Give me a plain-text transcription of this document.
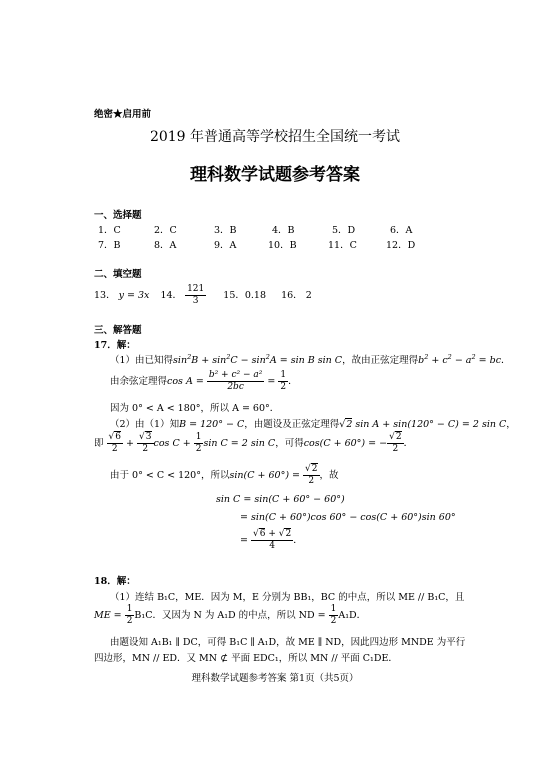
绝密★启用前
2019 年普通高等学校招生全国统一考试
理科数学试题参考答案
一、选择题
1．C	2．C	3．B	4．B	5．D	6．A
7．B	8．A	9．A	10．B	11．C	12．D
二、填空题
13． y = 3x 14． $\frac{121}{3} 15$．0.18 16． 2
三、解答题
17．解：
（1）由已知得$\sin^2B + \sin^2C - \sin^2A = \sin B$ sin C，故由正弦定理得$b^2 + c^2 - a^2$ = bc．
由余弦定理得$\cos A = \frac{\text{b² + c² − a²}}{2bc} = \frac{1}{2}$ ．
因为 0° < A < 180°，所以 A = 60°．
（2）由（1）知B = 120° − C，由题设及正弦定理得√2 sin A + sin(120° − C) = 2 sin C，
即 $\frac{√6}{2} + \frac{√3}{2}$ $\cos C + \frac{1}{2}$ sin C = 2 sin C，可得cos(C + 60°) = − $\frac{√2}{2}$ ．
由于 0° < C < 120°，所以$\sin(C + 60^\circ) = \frac{√2}{2}$ ，故
sin C = sin(C + 60° − 60°)
= sin(C + 60°)cos 60° − cos(C + 60°)sin 60°
= $\frac{√6 + √2}{4}$ ．
18．解：
（1）连结 B₁C，ME．因为 M，E 分别为 BB₁，BC 的中点，所以 ME // B₁C，且
ME = $\frac{1}{2} B_1C$．又因为 N 为 A₁D 的中点，所以 ND = $\frac{1}{2} A_1D$．
由题设知 A₁B₁ ∥ DC，可得 B₁C ∥ A₁D，故 ME ∥ ND，因此四边形 MNDE 为平行
四边形，MN // ED．又 MN ⊄ 平面 EDC₁，所以 MN // 平面 C₁DE．
理科数学试题参考答案 第1页（共5页）
